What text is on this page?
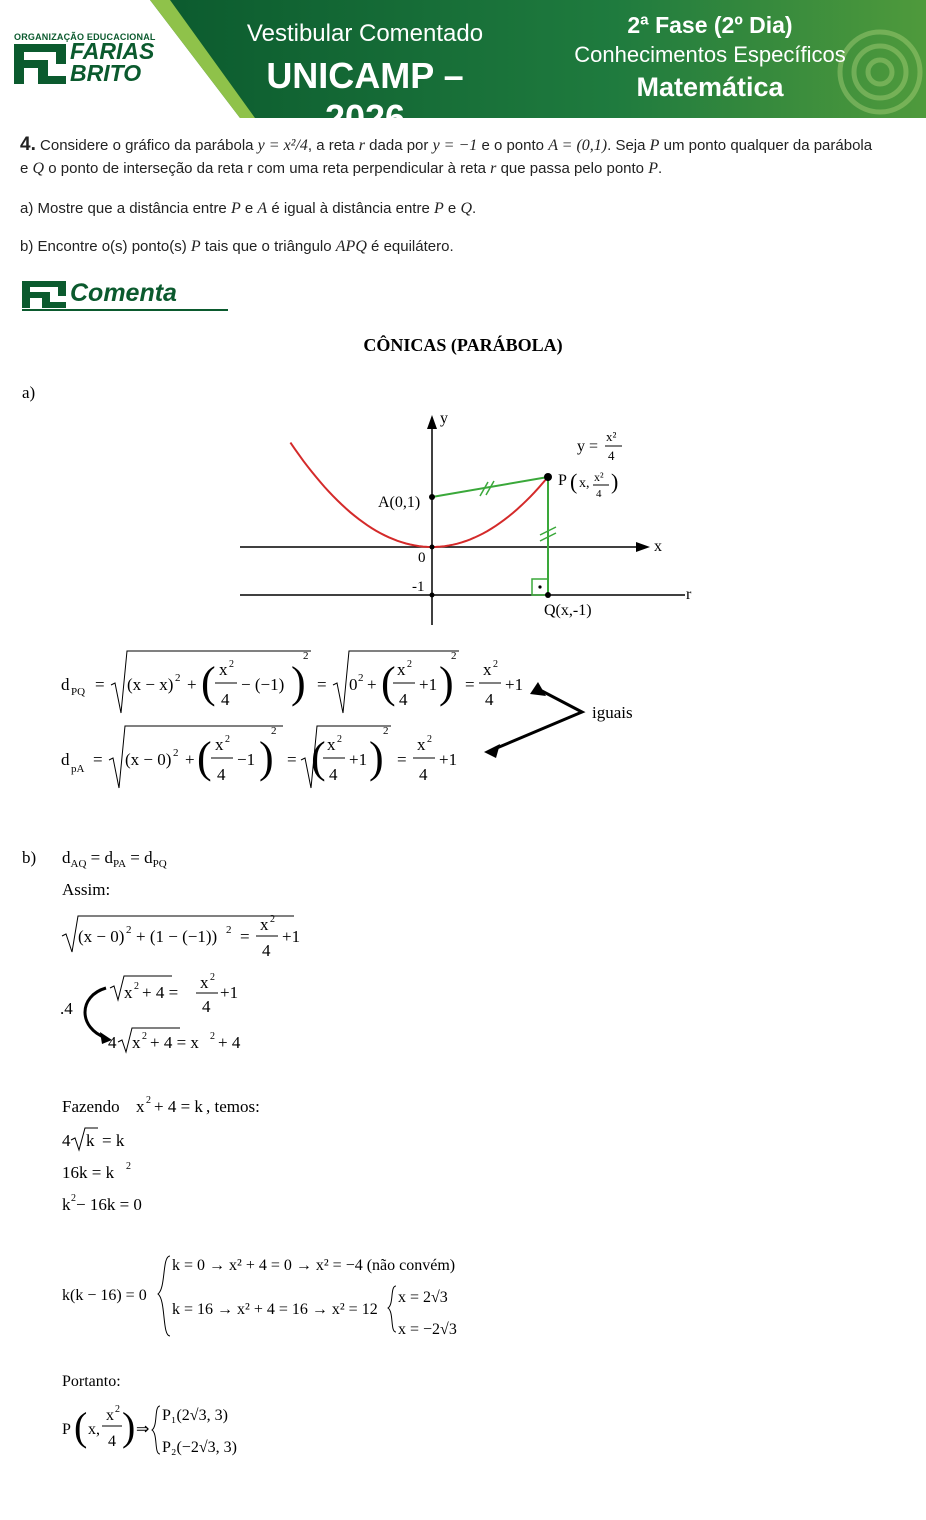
ORGANIZAÇÃO EDUCACIONAL
FARIAS
BRITO
Vestibular Comentado
UNICAMP – 2026
2ª Fase (2º Dia)
Conhecimentos Específicos
Matemática
4. Considere o gráfico da parábola y = x²/4, a reta r dada por y = −1 e o ponto A = (0,1). Seja P um ponto qualquer da parábola
e Q o ponto de interseção da reta r com uma reta perpendicular à reta r que passa pelo ponto P.
a) Mostre que a distância entre P e A é igual à distância entre P e Q.
b) Encontre o(s) ponto(s) P tais que o triângulo APQ é equilátero.
Comenta
CÔNICAS (PARÁBOLA)
a)
y
x
r
A(0,1)
0
-1
Q(x,-1)
y =
x²
4
P ( x, x²
4 )
d PQ = (x − x) 2 + ( x 2
4
− (−1) )
2
= 0 2 + ( x 2
4
+1 )
2
=
x 2
4
+1
d pA = (x − 0) 2 + ( x 2
4
−1 )
2
= ( x 2
4
+1 )
2
=
x 2
4
+1
iguais
b) $d_{AQ} = d_{PA} = d_{PQ}$
Assim:
(x − 0) 2 + (1 − (−1)) 2 =
x 2
4
+1
.4
x 2 + 4 =
x 2
4
+1
4 x 2 + 4 = x 2 + 4
Fazendo x 2 + 4 = k , temos:
4 k = k
16k = k 2
k 2 − 16k = 0
k(k − 16) = 0
k = 0 → x² + 4 = 0 → x² = −4 (não convém)
k = 16 → x² + 4 = 16 → x² = 12
x = 2√3
x = −2√3
Portanto:
P ( x,
x 2
4 ) ⇒
P₁(2√3, 3)
P₂(−2√3, 3)
